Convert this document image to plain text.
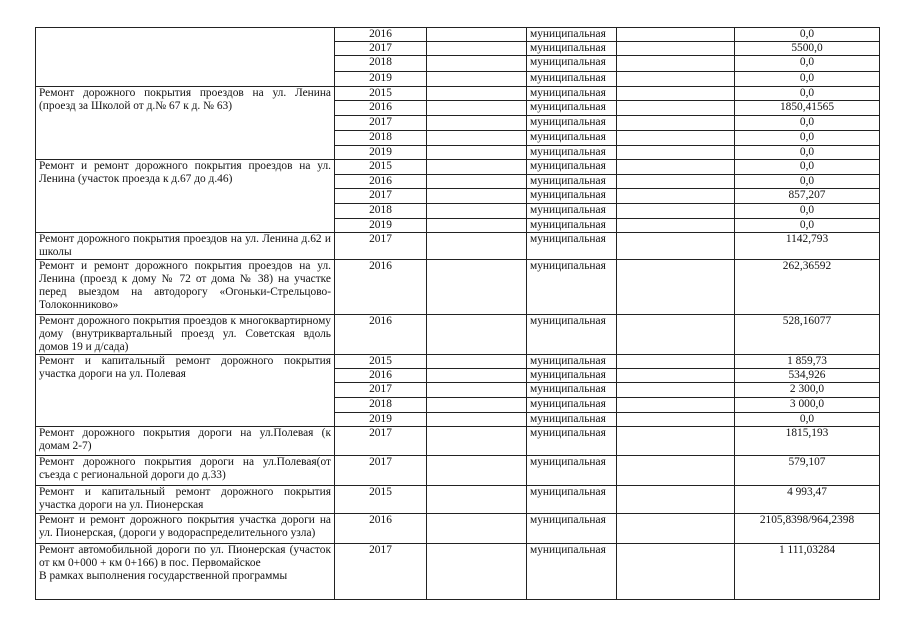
	2016		муниципальная		0,0
	2017		муниципальная		5500,0
	2018		муниципальная		0,0
	2019		муниципальная		0,0
Ремонт дорожного покрытия проездов на ул. Ленина (проезд за Школой от д.№ 67 к д. № 63)	2015		муниципальная		0,0
	2016		муниципальная		1850,41565
	2017		муниципальная		0,0
	2018		муниципальная		0,0
	2019		муниципальная		0,0
Ремонт и ремонт дорожного покрытия проездов на ул. Ленина (участок проезда к д.67 до д.46)	2015		муниципальная		0,0
	2016		муниципальная		0,0
	2017		муниципальная		857,207
	2018		муниципальная		0,0
	2019		муниципальная		0,0
Ремонт дорожного покрытия проездов на ул. Ленина д.62 и школы	2017		муниципальная		1142,793
Ремонт и ремонт дорожного покрытия проездов на ул. Ленина (проезд к дому № 72 от дома № 38) на участке перед выездом на автодорогу «Огоньки-Стрельцово-Толоконниково»	2016		муниципальная		262,36592
Ремонт дорожного покрытия проездов к многоквартирному дому (внутриквартальный проезд ул. Советская вдоль домов 19 и д/сада)	2016		муниципальная		528,16077
Ремонт и капитальный ремонт дорожного покрытия участка дороги на ул. Полевая	2015		муниципальная		1 859,73
	2016		муниципальная		534,926
	2017		муниципальная		2 300,0
	2018		муниципальная		3 000,0
	2019		муниципальная		0,0
Ремонт дорожного покрытия дороги на ул.Полевая (к домам 2-7)	2017		муниципальная		1815,193
Ремонт дорожного покрытия дороги на ул.Полевая(от съезда с региональной дороги до д.33)	2017		муниципальная		579,107
Ремонт и капитальный ремонт дорожного покрытия участка дороги на ул. Пионерская	2015		муниципальная		4 993,47
Ремонт и ремонт дорожного покрытия участка дороги на ул. Пионерская, (дороги у водораспределительного узла)	2016		муниципальная		2105,8398/964,2398
Ремонт автомобильной дороги по ул. Пионерская (участок от км 0+000 + км 0+166) в пос. Первомайское
В рамках выполнения государственной программы	2017		муниципальная		1 111,03284
